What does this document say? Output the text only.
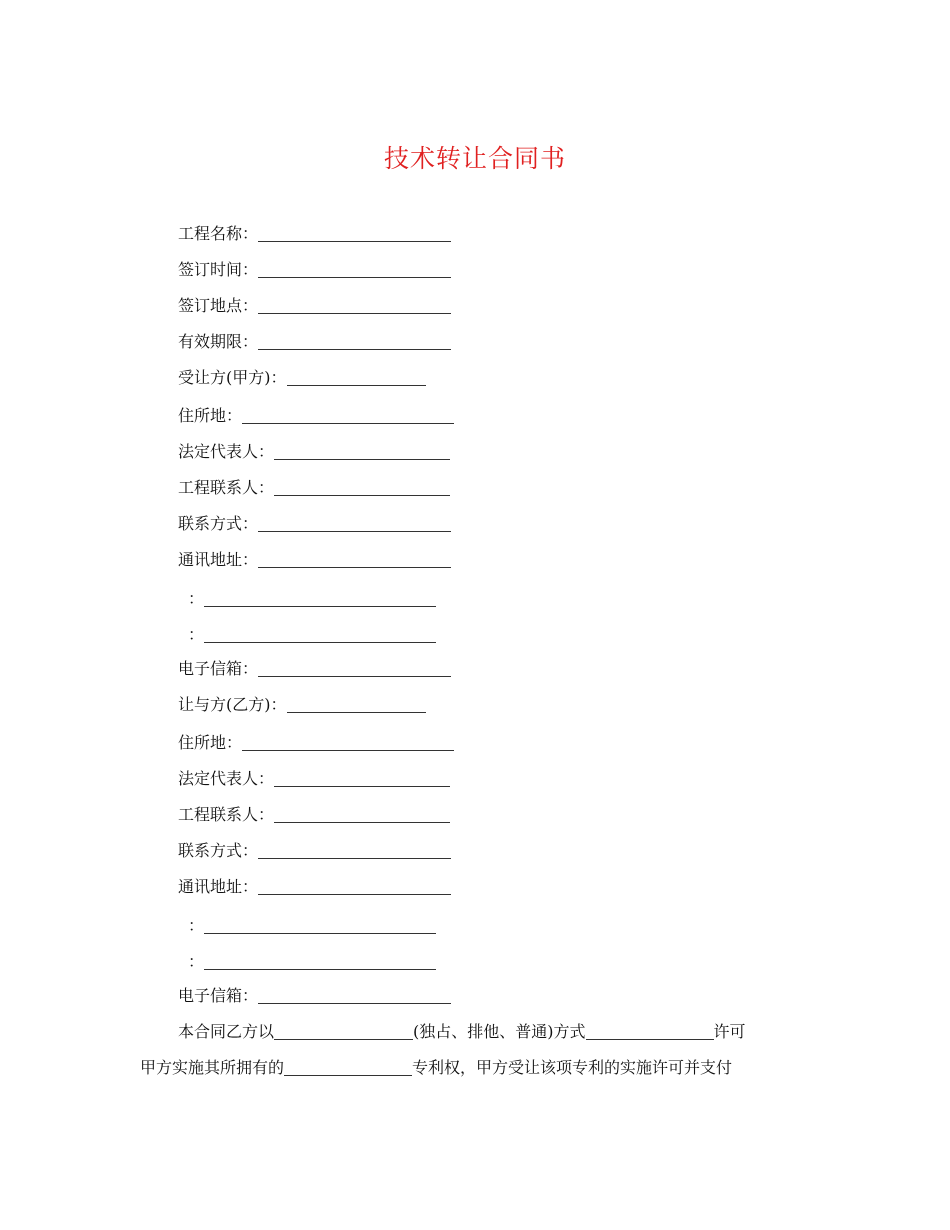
技术转让合同书
工程名称：
签订时间：
签订地点：
有效期限：
受让方(甲方)：
住所地：
法定代表人：
工程联系人：
联系方式：
通讯地址：
：
：
电子信箱：
让与方(乙方)：
住所地：
法定代表人：
工程联系人：
联系方式：
通讯地址：
：
：
电子信箱：
本合同乙方以	(独占、排他、普通)方式	许可
甲方实施其所拥有的	专利权，甲方受让该项专利的实施许可并支付
